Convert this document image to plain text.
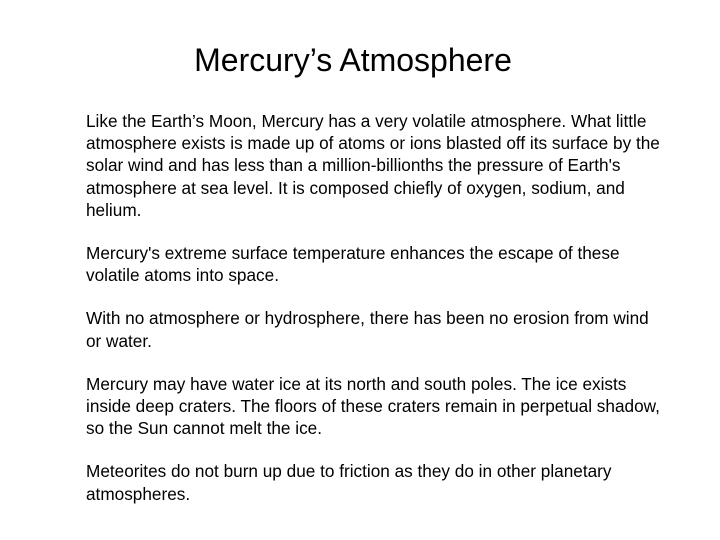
Mercury’s Atmosphere

Like the Earth’s Moon, Mercury has a very volatile atmosphere. What little atmosphere exists is made up of atoms or ions blasted off its surface by the solar wind and has less than a million-billionths the pressure of Earth's atmosphere at sea level. It is composed chiefly of oxygen, sodium, and helium.

Mercury's extreme surface temperature enhances the escape of these volatile atoms into space.

With no atmosphere or hydrosphere, there has been no erosion from wind or water.

Mercury may have water ice at its north and south poles. The ice exists inside deep craters. The floors of these craters remain in perpetual shadow, so the Sun cannot melt the ice.

Meteorites do not burn up due to friction as they do in other planetary atmospheres.
